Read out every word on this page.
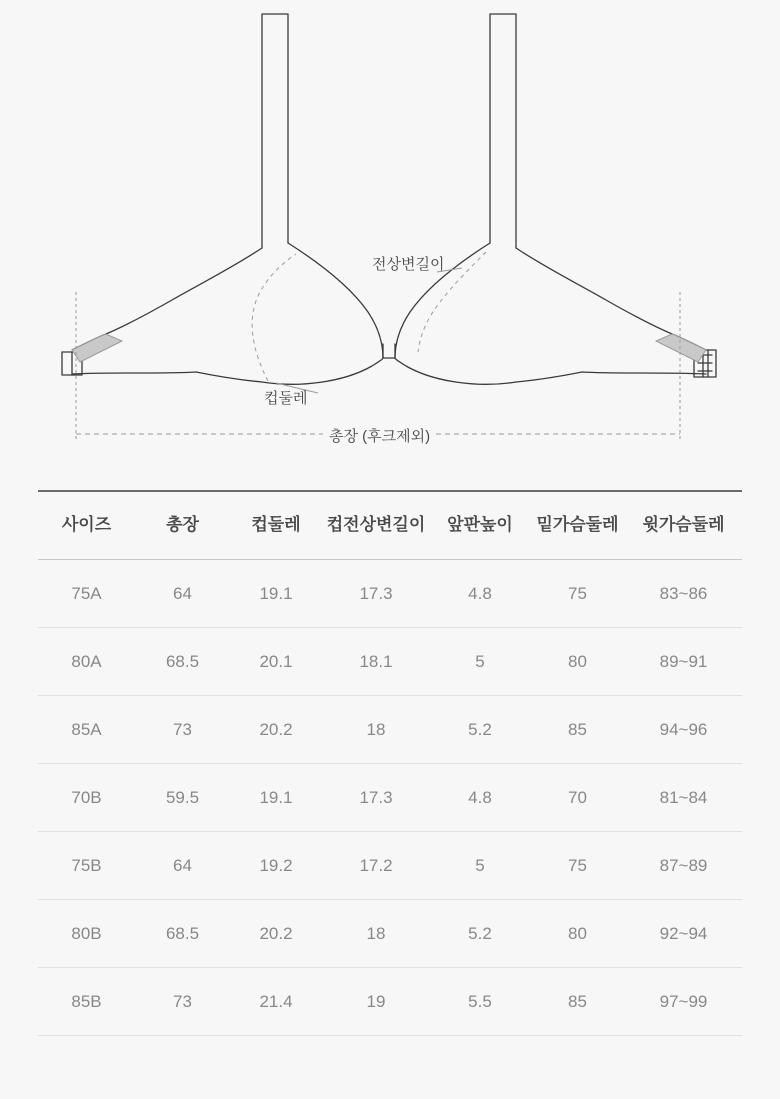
전상변길이
컵둘레
총장 (후크제외)
사이즈	총장	컵둘레	컵전상변길이	앞판높이	밑가슴둘레	윗가슴둘레
75A	64	19.1	17.3	4.8	75	83~86
80A	68.5	20.1	18.1	5	80	89~91
85A	73	20.2	18	5.2	85	94~96
70B	59.5	19.1	17.3	4.8	70	81~84
75B	64	19.2	17.2	5	75	87~89
80B	68.5	20.2	18	5.2	80	92~94
85B	73	21.4	19	5.5	85	97~99
